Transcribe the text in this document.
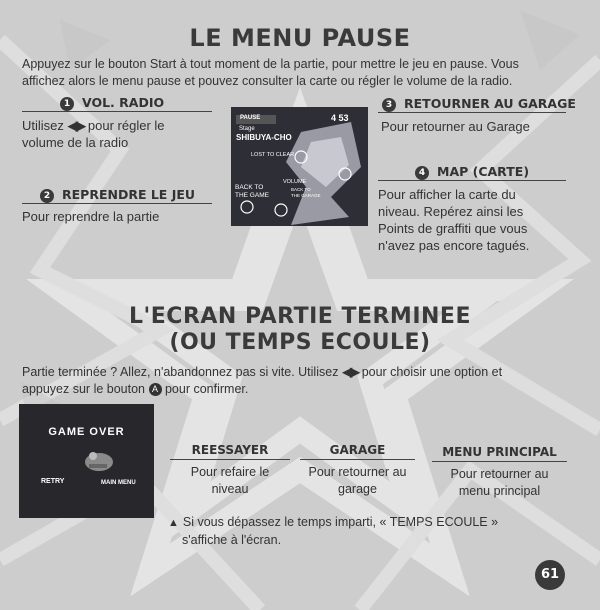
LE MENU PAUSE
Appuyez sur le bouton Start à tout moment de la partie, pour mettre le jeu en pause. Vous
affichez alors le menu pause et pouvez consulter la carte ou régler le volume de la radio.
1 VOL. RADIO
Utilisez ◀▶ pour régler le
volume de la radio
2 REPRENDRE LE JEU
Pour reprendre la partie
PAUSE	4 53
Stage
SHIBUYA-CHO
LOST TO CLEAR
VOLUME
BACK TO
THE GAME
BACK TO
THE GARAGE
3 RETOURNER AU GARAGE
Pour retourner au Garage
4 MAP (CARTE)
Pour afficher la carte du
niveau. Repérez ainsi les
Points de graffiti que vous
n'avez pas encore tagués.
L'ECRAN PARTIE TERMINEE
(OU TEMPS ECOULE)
Partie terminée ? Allez, n'abandonnez pas si vite. Utilisez ◀▶ pour choisir une option et
appuyez sur le bouton A pour confirmer.
GAME OVER
RETRY	MAIN MENU
REESSAYER
Pour refaire le
niveau
GARAGE
Pour retourner au
garage
MENU PRINCIPAL
Pour retourner au
menu principal
▲ Si vous dépassez le temps imparti, « TEMPS ECOULE »
s'affiche à l'écran.
61
